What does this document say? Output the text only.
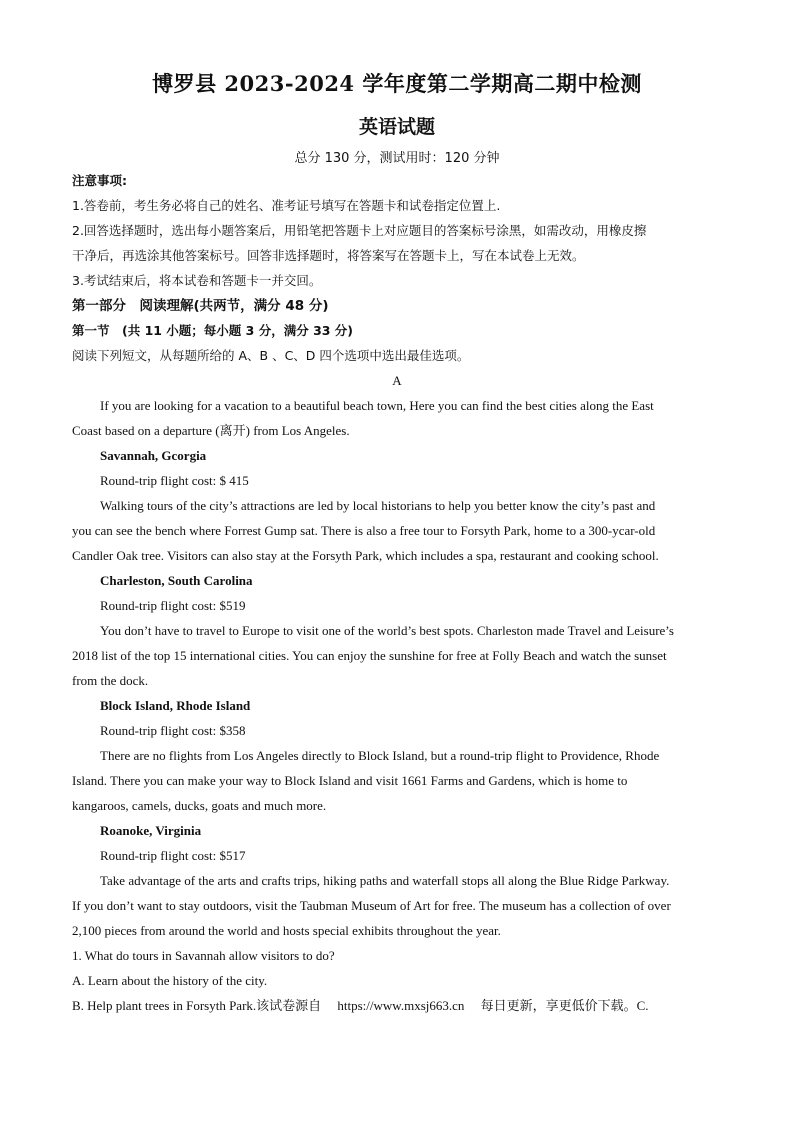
博罗县 2023-2024 学年度第二学期高二期中检测
英语试题
总分 130 分，测试用时：120 分钟
注意事项:
1.答卷前，考生务必将自己的姓名、准考证号填写在答题卡和试卷指定位置上.
2.回答选择题时，选出每小题答案后，用铅笔把答题卡上对应题目的答案标号涂黑，如需改动，用橡皮擦
干净后，再选涂其他答案标号。回答非选择题时，将答案写在答题卡上，写在本试卷上无效。
3.考试结束后，将本试卷和答题卡一并交回。
第一部分　阅读理解(共两节，满分 48 分)
第一节　(共 11 小题；每小题 3 分，满分 33 分)
阅读下列短文，从每题所给的 A、B 、C、D 四个选项中选出最佳选项。
A
If you are looking for a vacation to a beautiful beach town, Here you can find the best cities along the East
Coast based on a departure (离开) from Los Angeles.
Savannah, Gcorgia
Round-trip flight cost: $ 415
Walking tours of the city’s attractions are led by local historians to help you better know the city’s past and
you can see the bench where Forrest Gump sat. There is also a free tour to Forsyth Park, home to a 300-ycar-old
Candler Oak tree. Visitors can also stay at the Forsyth Park, which includes a spa, restaurant and cooking school.
Charleston, South Carolina
Round-trip flight cost: $519
You don’t have to travel to Europe to visit one of the world’s best spots. Charleston made Travel and Leisure’s
2018 list of the top 15 international cities. You can enjoy the sunshine for free at Folly Beach and watch the sunset
from the dock.
Block Island, Rhode Island
Round-trip flight cost: $358
There are no flights from Los Angeles directly to Block Island, but a round-trip flight to Providence, Rhode
Island. There you can make your way to Block Island and visit 1661 Farms and Gardens, which is home to
kangaroos, camels, ducks, goats and much more.
Roanoke, Virginia
Round-trip flight cost: $517
Take advantage of the arts and crafts trips, hiking paths and waterfall stops all along the Blue Ridge Parkway.
If you don’t want to stay outdoors, visit the Taubman Museum of Art for free. The museum has a collection of over
2,100 pieces from around the world and hosts special exhibits throughout the year.
1. What do tours in Savannah allow visitors to do?
A. Learn about the history of the city.
B. Help plant trees in Forsyth Park.该试卷源自　 https://www.mxsj663.cn　 每日更新，享更低价下载。C.
